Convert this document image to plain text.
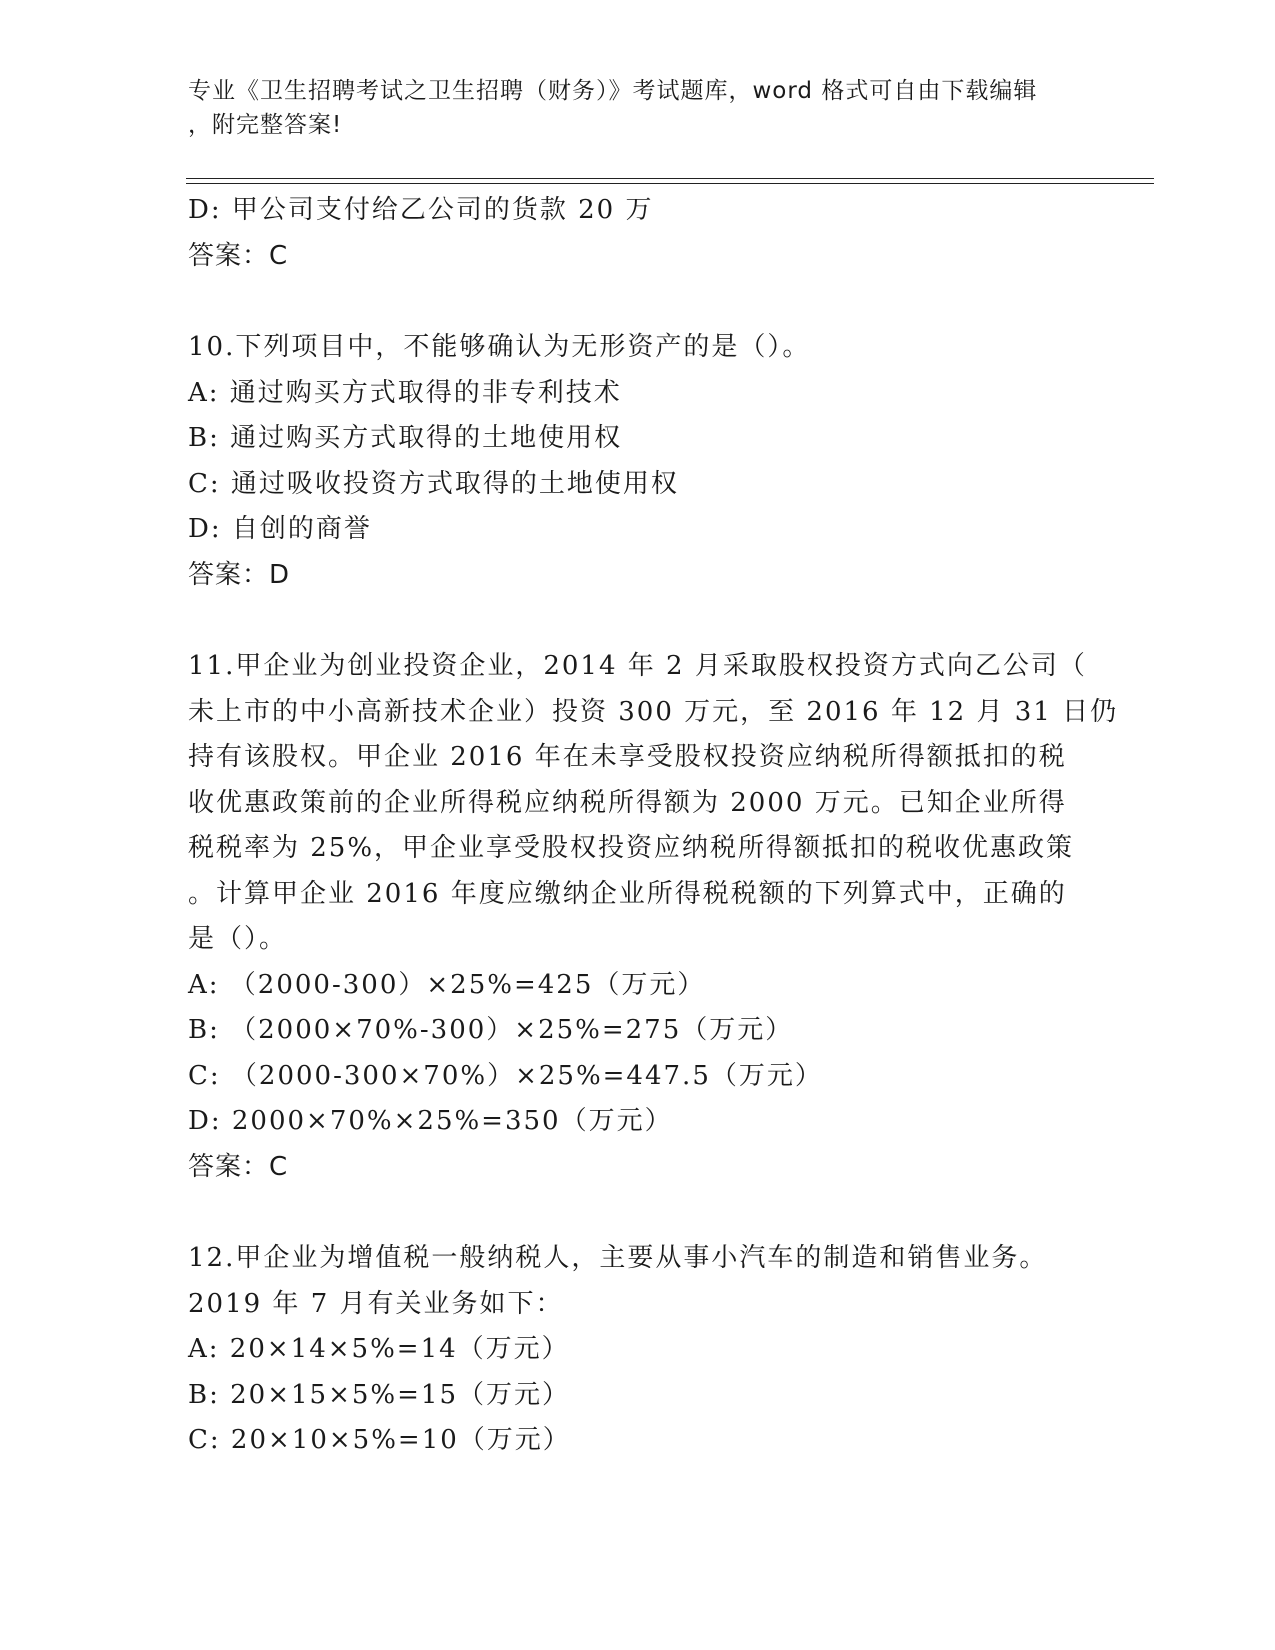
专业《卫生招聘考试之卫生招聘（财务）》考试题库，word 格式可自由下载编辑
，附完整答案!
D: 甲公司支付给乙公司的货款 20 万
答案：C
10.下列项目中，不能够确认为无形资产的是（）。
A: 通过购买方式取得的非专利技术
B: 通过购买方式取得的土地使用权
C: 通过吸收投资方式取得的土地使用权
D: 自创的商誉
答案：D
11.甲企业为创业投资企业，2014 年 2 月采取股权投资方式向乙公司（
未上市的中小高新技术企业）投资 300 万元，至 2016 年 12 月 31 日仍
持有该股权。甲企业 2016 年在未享受股权投资应纳税所得额抵扣的税
收优惠政策前的企业所得税应纳税所得额为 2000 万元。已知企业所得
税税率为 25%，甲企业享受股权投资应纳税所得额抵扣的税收优惠政策
。计算甲企业 2016 年度应缴纳企业所得税税额的下列算式中，正确的
是（）。
A: （2000-300）×25%=425（万元）
B: （2000×70%-300）×25%=275（万元）
C: （2000-300×70%）×25%=447.5（万元）
D: 2000×70%×25%=350（万元）
答案：C
12.甲企业为增值税一般纳税人，主要从事小汽车的制造和销售业务。
2019 年 7 月有关业务如下：
A: 20×14×5%=14（万元）
B: 20×15×5%=15（万元）
C: 20×10×5%=10（万元）
